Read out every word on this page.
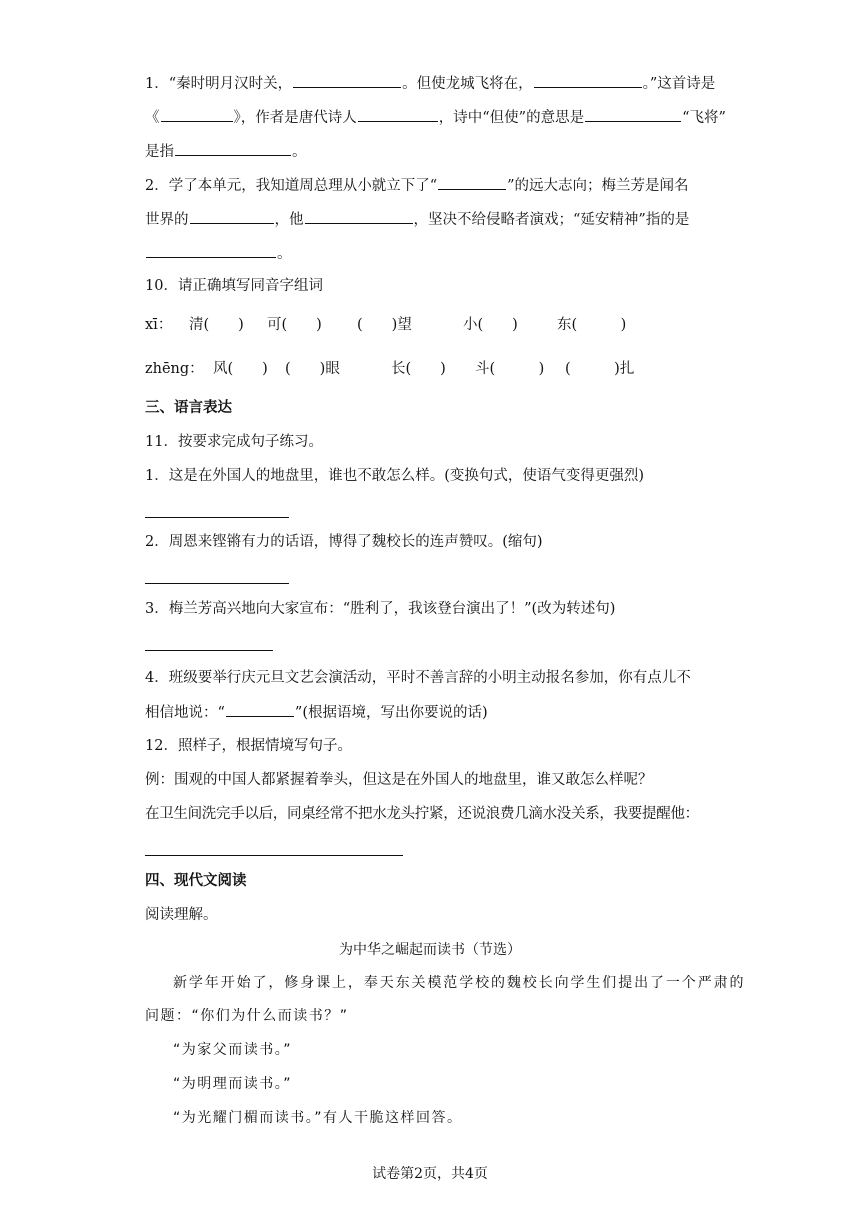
1．“秦时明月汉时关，	。但使龙城飞将在，	。”这首诗是
《	》，作者是唐代诗人	，诗中“但使”的意思是	“飞将”
是指	。
2．学了本单元，我知道周总理从小就立下了“	”的远大志向；梅兰芳是闻名
世界的	，他	，坚决不给侵略者演戏；“延安精神”指的是
。
10．请正确填写同音字组词
xī： 清(　　) 可(　　) (　　)望	小(　　)	东(　　　)
zhēng： 风(　　) (　　)眼	长(　　) 斗(　　　) (　　　)扎
三、语言表达
11．按要求完成句子练习。
1．这是在外国人的地盘里，谁也不敢怎么样。(变换句式，使语气变得更强烈)
2．周恩来铿锵有力的话语，博得了魏校长的连声赞叹。(缩句)
3．梅兰芳高兴地向大家宣布：“胜利了，我该登台演出了！”(改为转述句)
4．班级要举行庆元旦文艺会演活动，平时不善言辞的小明主动报名参加，你有点儿不
相信地说：“	”(根据语境，写出你要说的话)
12．照样子，根据情境写句子。
例：围观的中国人都紧握着拳头，但这是在外国人的地盘里，谁又敢怎么样呢？
在卫生间洗完手以后，同桌经常不把水龙头拧紧，还说浪费几滴水没关系，我要提醒他：
四、现代文阅读
阅读理解。
为中华之崛起而读书（节选）
新学年开始了，修身课上，奉天东关模范学校的魏校长向学生们提出了一个严肃的
问题：“你们为什么而读书？”
“为家父而读书。”
“为明理而读书。”
“为光耀门楣而读书。”有人干脆这样回答。
试卷第2页，共4页
